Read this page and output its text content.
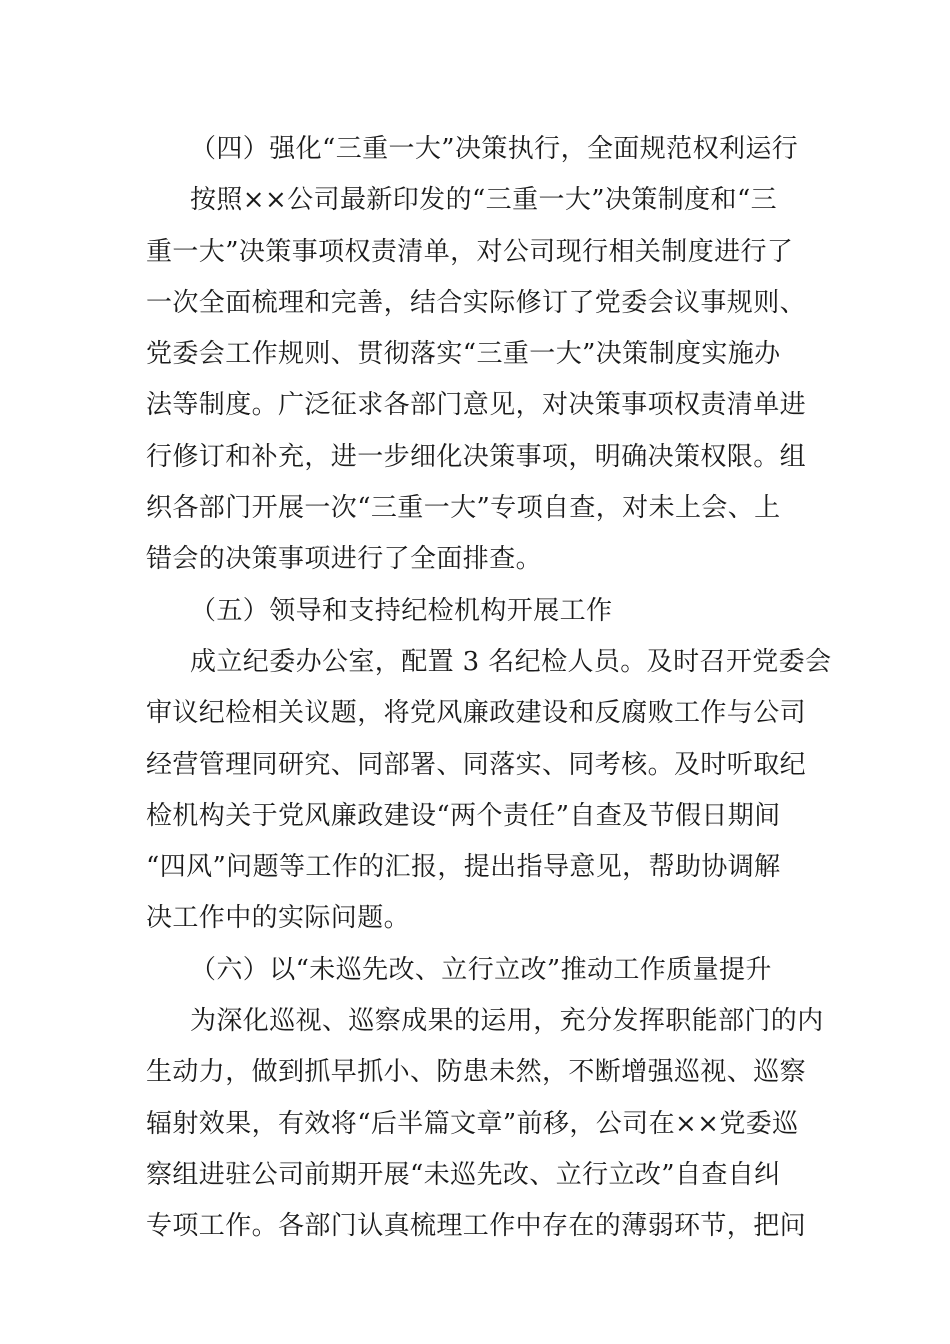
（四）强化“三重一大”决策执行，全面规范权利运行
按照××公司最新印发的“三重一大”决策制度和“三
重一大”决策事项权责清单，对公司现行相关制度进行了
一次全面梳理和完善，结合实际修订了党委会议事规则、
党委会工作规则、贯彻落实“三重一大”决策制度实施办
法等制度。广泛征求各部门意见，对决策事项权责清单进
行修订和补充，进一步细化决策事项，明确决策权限。组
织各部门开展一次“三重一大”专项自查，对未上会、上
错会的决策事项进行了全面排查。
（五）领导和支持纪检机构开展工作
成立纪委办公室，配置 3 名纪检人员。及时召开党委会
审议纪检相关议题，将党风廉政建设和反腐败工作与公司
经营管理同研究、同部署、同落实、同考核。及时听取纪
检机构关于党风廉政建设“两个责任”自查及节假日期间
“四风”问题等工作的汇报，提出指导意见，帮助协调解
决工作中的实际问题。
（六）以“未巡先改、立行立改”推动工作质量提升
为深化巡视、巡察成果的运用，充分发挥职能部门的内
生动力，做到抓早抓小、防患未然，不断增强巡视、巡察
辐射效果，有效将“后半篇文章”前移，公司在××党委巡
察组进驻公司前期开展“未巡先改、立行立改”自查自纠
专项工作。各部门认真梳理工作中存在的薄弱环节，把问
